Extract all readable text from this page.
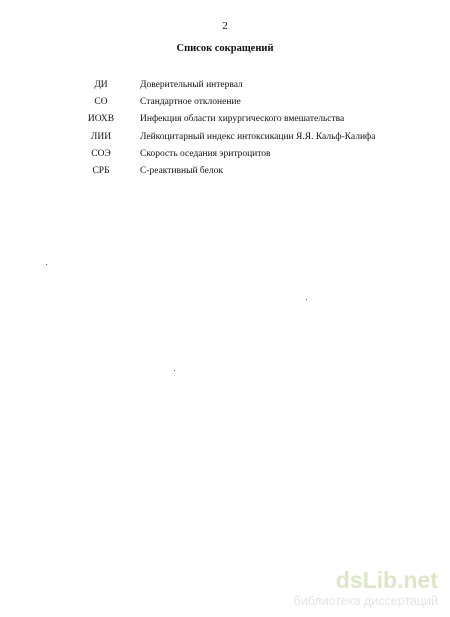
2
Список сокращений
ДИ	Доверительный интервал
СО	Стандартное отклонение
ИОХВ	Инфекция области хирургического вмешательства
ЛИИ	Лейкоцитарный индекс интоксикации Я.Я. Кальф-Калифа
СОЭ	Скорость оседания эритроцитов
СРБ	С-реактивный белок
dsLib.net
библиотека диссертаций
